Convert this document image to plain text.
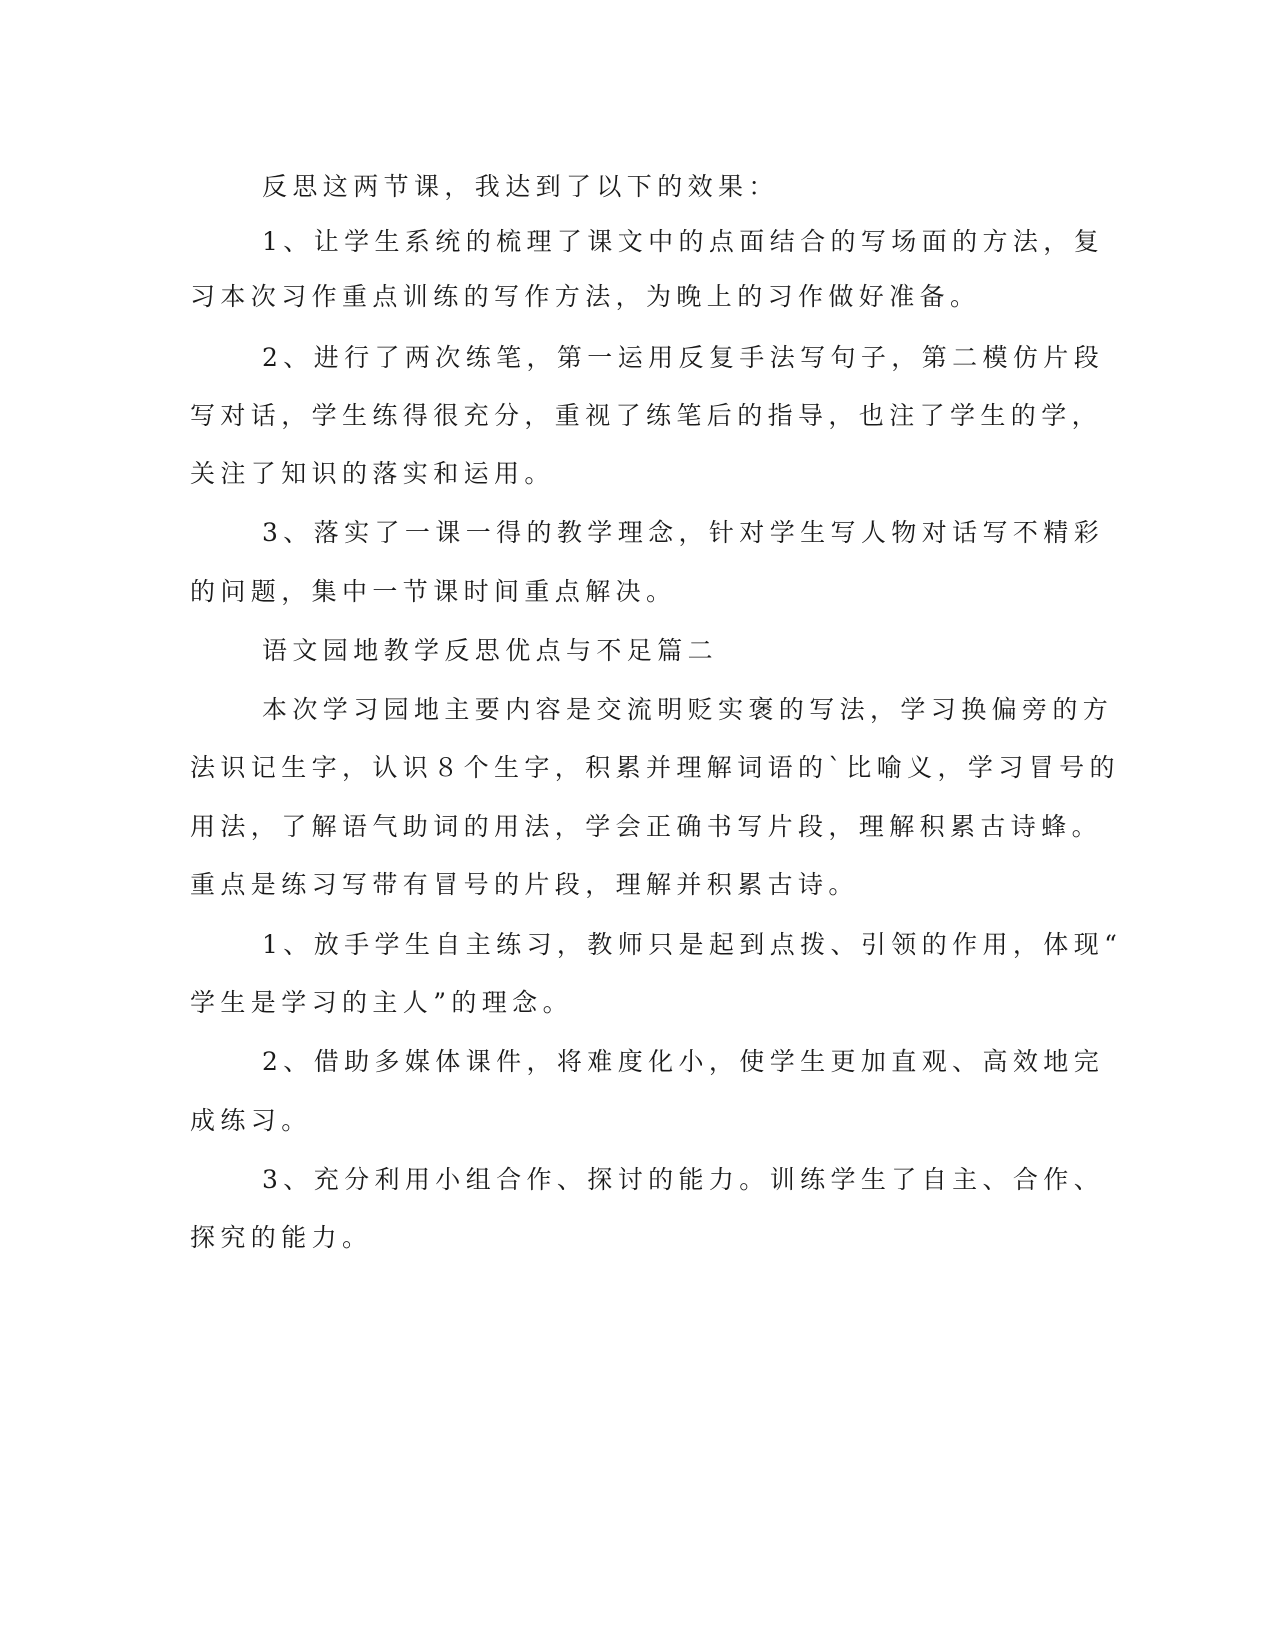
反思这两节课，我达到了以下的效果：

1、让学生系统的梳理了课文中的点面结合的写场面的方法，复

习本次习作重点训练的写作方法，为晚上的习作做好准备。

2、进行了两次练笔，第一运用反复手法写句子，第二模仿片段

写对话，学生练得很充分，重视了练笔后的指导，也注了学生的学，

关注了知识的落实和运用。

3、落实了一课一得的教学理念，针对学生写人物对话写不精彩

的问题，集中一节课时间重点解决。

语文园地教学反思优点与不足篇二

本次学习园地主要内容是交流明贬实褒的写法，学习换偏旁的方

法识记生字，认识８个生字，积累并理解词语的`比喻义，学习冒号的

用法，了解语气助词的用法，学会正确书写片段，理解积累古诗蜂。

重点是练习写带有冒号的片段，理解并积累古诗。

1、放手学生自主练习，教师只是起到点拨、引领的作用，体现“

学生是学习的主人”的理念。

2、借助多媒体课件，将难度化小，使学生更加直观、高效地完

成练习。

3、充分利用小组合作、探讨的能力。训练学生了自主、合作、

探究的能力。
